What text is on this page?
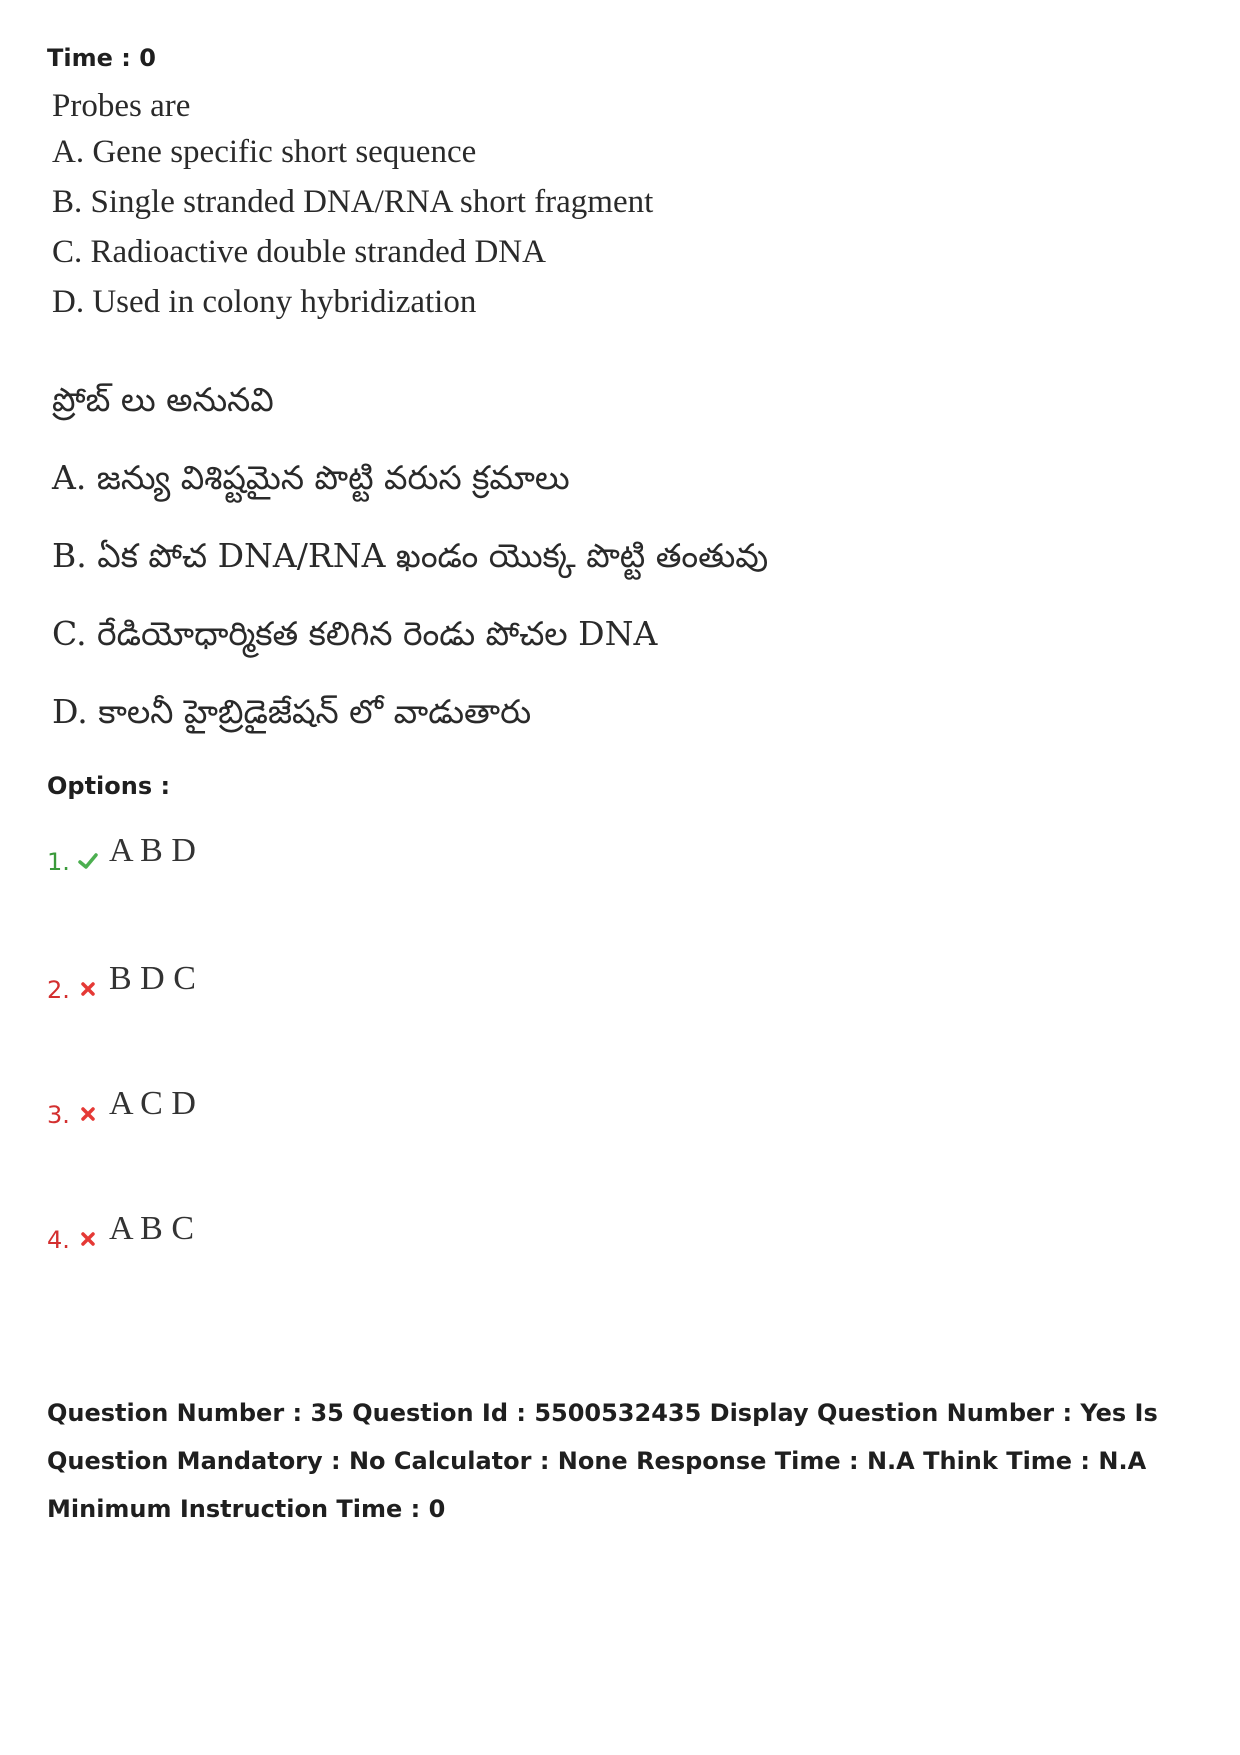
Time : 0
Probes are
A. Gene specific short sequence
B. Single stranded DNA/RNA short fragment
C. Radioactive double stranded DNA
D. Used in colony hybridization
ప్రోబ్ లు అనునవి
A. జన్యు విశిష్టమైన పొట్టి వరుస క్రమాలు
B. ఏక పోచ DNA/RNA ఖండం యొక్క పొట్టి తంతువు
C. రేడియోధార్మికత కలిగిన రెండు పోచల DNA
D. కాలనీ హైబ్రిడైజేషన్ లో వాడుతారు
Options :
1. A B D
2. B D C
3. A C D
4. A B C
Question Number : 35 Question Id : 5500532435 Display Question Number : Yes Is Question Mandatory : No Calculator : None Response Time : N.A Think Time : N.A Minimum Instruction Time : 0
